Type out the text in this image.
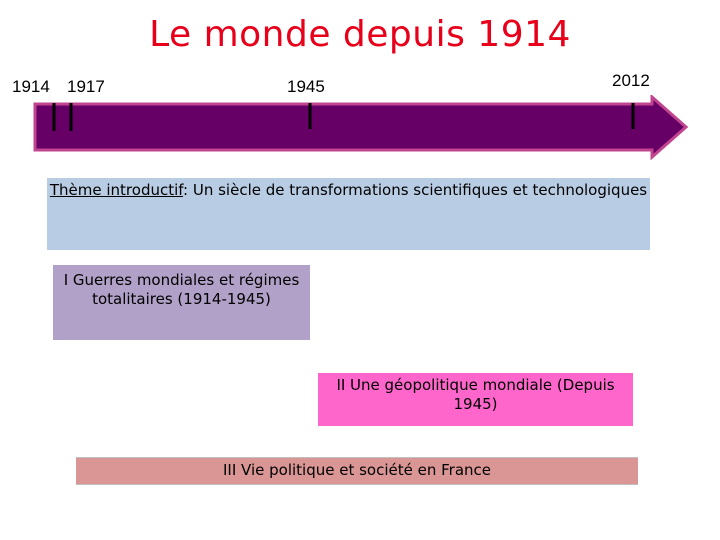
Le monde depuis 1914
1914 1917	1945	2012
Thème introductif: Un siècle de transformations scientifiques et technologiques
I Guerres mondiales et régimes totalitaires (1914-1945)
II Une géopolitique mondiale (Depuis 1945)
III Vie politique et société en France
